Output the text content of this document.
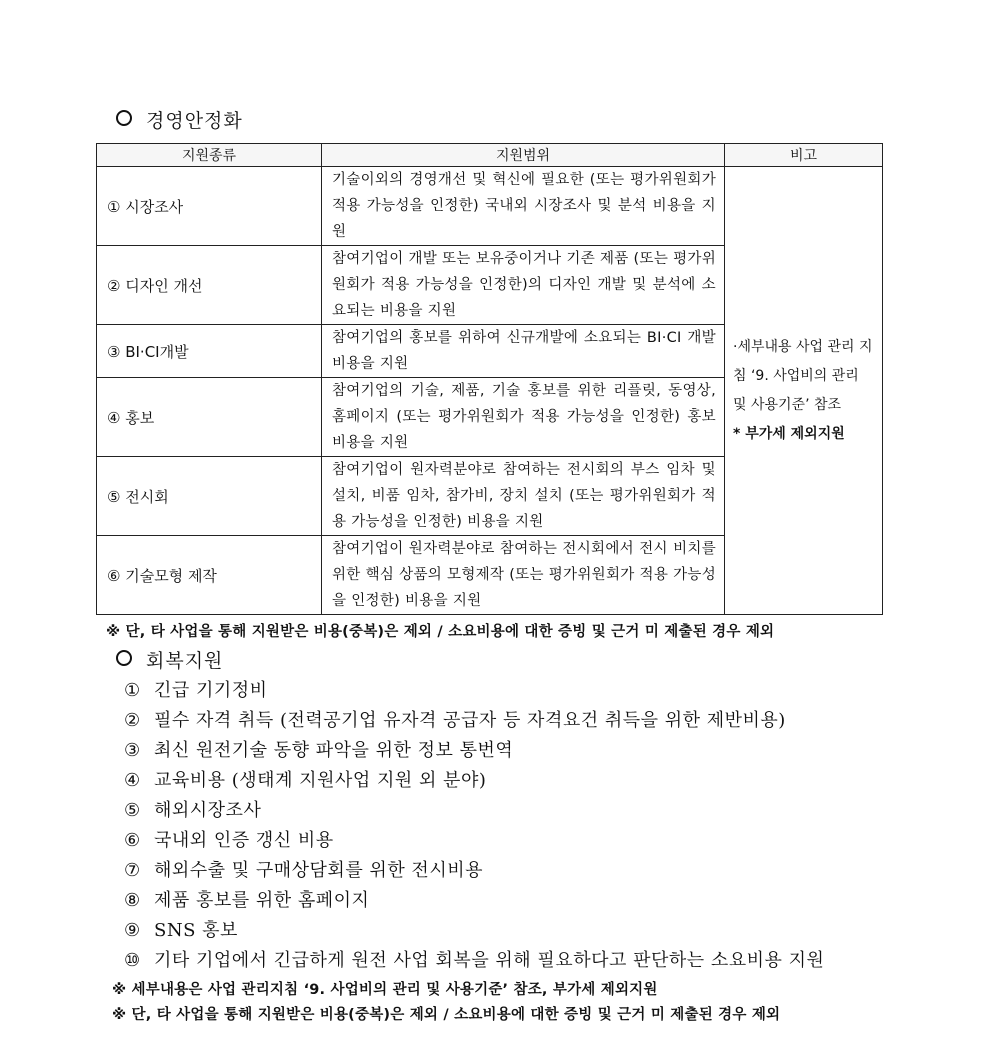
경영안정화
지원종류	지원범위	비고
① 시장조사	기술이외의 경영개선 및 혁신에 필요한 (또는 평가위원회가 적용 가능성을 인정한) 국내외 시장조사 및 분석 비용을 지원	·세부내용 사업 관리 지침 ‘9. 사업비의 관리 및 사용기준’ 참조
* 부가세 제외지원

② 디자인 개선	참여기업이 개발 또는 보유중이거나 기존 제품 (또는 평가위원회가 적용 가능성을 인정한)의 디자인 개발 및 분석에 소요되는 비용을 지원	
③ BI·CI개발	참여기업의 홍보를 위하여 신규개발에 소요되는 BI·CI 개발비용을 지원	
④ 홍보	참여기업의 기술, 제품, 기술 홍보를 위한 리플릿, 동영상, 홈페이지 (또는 평가위원회가 적용 가능성을 인정한) 홍보비용을 지원	
⑤ 전시회	참여기업이 원자력분야로 참여하는 전시회의 부스 임차 및 설치, 비품 임차, 참가비, 장치 설치 (또는 평가위원회가 적용 가능성을 인정한) 비용을 지원	
⑥ 기술모형 제작	참여기업이 원자력분야로 참여하는 전시회에서 전시 비치를 위한 핵심 상품의 모형제작 (또는 평가위원회가 적용 가능성을 인정한) 비용을 지원	
※ 단, 타 사업을 통해 지원받은 비용(중복)은 제외 / 소요비용에 대한 증빙 및 근거 미 제출된 경우 제외
회복지원
① 긴급 기기정비
② 필수 자격 취득 (전력공기업 유자격 공급자 등 자격요건 취득을 위한 제반비용)
③ 최신 원전기술 동향 파악을 위한 정보 통번역
④ 교육비용 (생태계 지원사업 지원 외 분야)
⑤ 해외시장조사
⑥ 국내외 인증 갱신 비용
⑦ 해외수출 및 구매상담회를 위한 전시비용
⑧ 제품 홍보를 위한 홈페이지
⑨ SNS 홍보
⑩ 기타 기업에서 긴급하게 원전 사업 회복을 위해 필요하다고 판단하는 소요비용 지원
※ 세부내용은 사업 관리지침 ‘9. 사업비의 관리 및 사용기준’ 참조, 부가세 제외지원
※ 단, 타 사업을 통해 지원받은 비용(중복)은 제외 / 소요비용에 대한 증빙 및 근거 미 제출된 경우 제외
